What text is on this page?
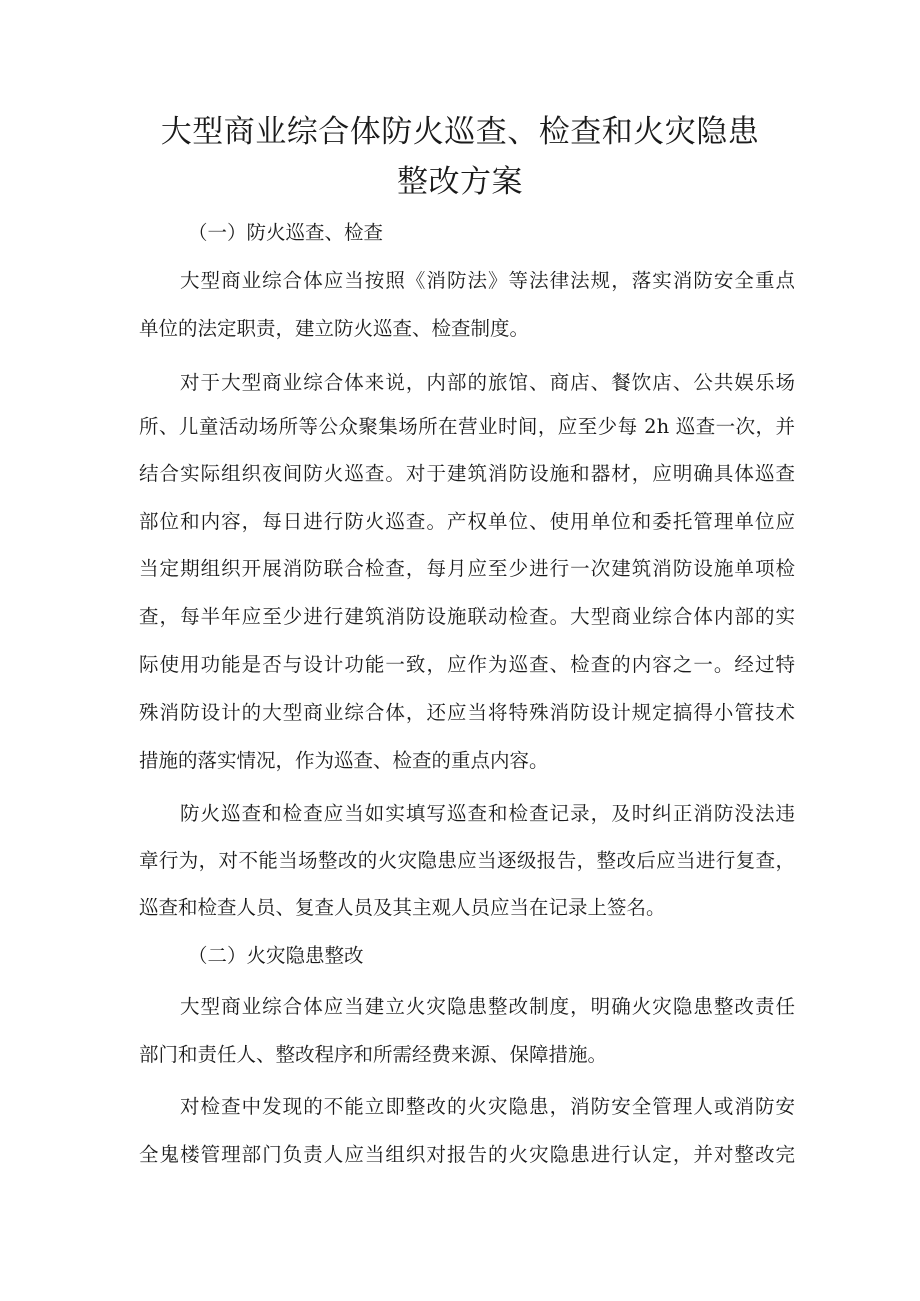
大型商业综合体防火巡查、检查和火灾隐患
整改方案
（一）防火巡查、检查
大型商业综合体应当按照《消防法》等法律法规，落实消防安全重点
单位的法定职责，建立防火巡查、检查制度。
对于大型商业综合体来说，内部的旅馆、商店、餐饮店、公共娱乐场
所、儿童活动场所等公众聚集场所在营业时间，应至少每 2h 巡查一次，并
结合实际组织夜间防火巡查。对于建筑消防设施和器材，应明确具体巡查
部位和内容，每日进行防火巡查。产权单位、使用单位和委托管理单位应
当定期组织开展消防联合检查，每月应至少进行一次建筑消防设施单项检
查，每半年应至少进行建筑消防设施联动检查。大型商业综合体内部的实
际使用功能是否与设计功能一致，应作为巡查、检查的内容之一。经过特
殊消防设计的大型商业综合体，还应当将特殊消防设计规定搞得小管技术
措施的落实情况，作为巡查、检查的重点内容。
防火巡查和检查应当如实填写巡查和检查记录，及时纠正消防没法违
章行为，对不能当场整改的火灾隐患应当逐级报告，整改后应当进行复查，
巡查和检查人员、复查人员及其主观人员应当在记录上签名。
（二）火灾隐患整改
大型商业综合体应当建立火灾隐患整改制度，明确火灾隐患整改责任
部门和责任人、整改程序和所需经费来源、保障措施。
对检查中发现的不能立即整改的火灾隐患，消防安全管理人或消防安
全鬼楼管理部门负责人应当组织对报告的火灾隐患进行认定，并对整改完
